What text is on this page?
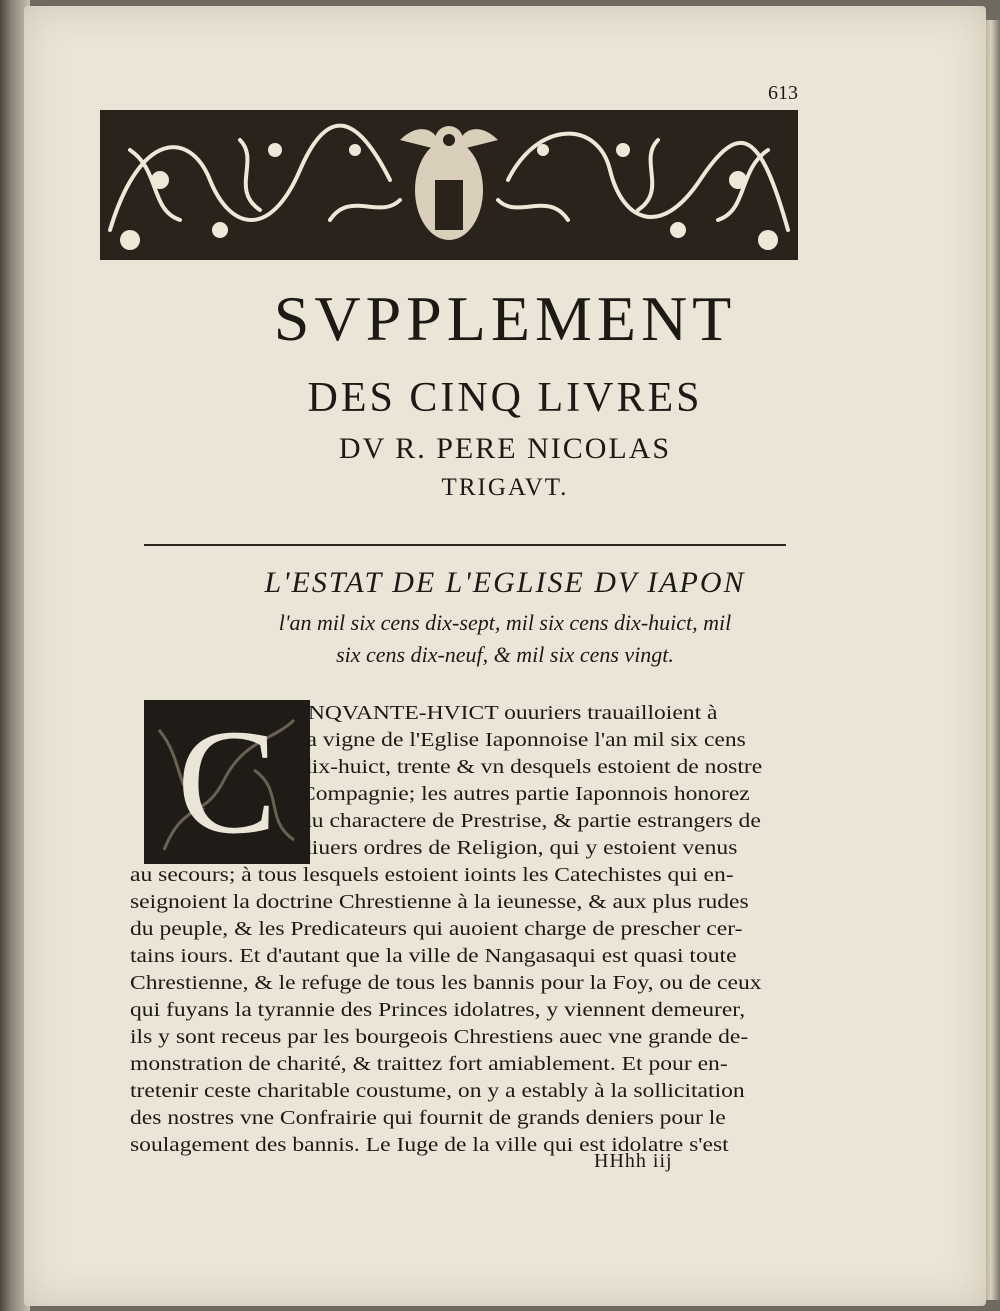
613
SVPPLEMENT
DES CINQ LIVRES
DV R. PERE NICOLAS
TRIGAVT.
L'ESTAT DE L'EGLISE DV IAPON
l'an mil six cens dix-sept, mil six cens dix-huict, mil
six cens dix-neuf, & mil six cens vingt.
C	INQVANTE-HVICT ouuriers trauailloient à
la vigne de l'Eglise Iaponnoise l'an mil six cens
dix-huict, trente & vn desquels estoient de nostre
Compagnie; les autres partie Iaponnois honorez
du charactere de Prestrise, & partie estrangers de
diuers ordres de Religion, qui y estoient venus
au secours; à tous lesquels estoient ioints les Catechistes qui en-
seignoient la doctrine Chrestienne à la ieunesse, & aux plus rudes
du peuple, & les Predicateurs qui auoient charge de prescher cer-
tains iours. Et d'autant que la ville de Nangasaqui est quasi toute
Chrestienne, & le refuge de tous les bannis pour la Foy, ou de ceux
qui fuyans la tyrannie des Princes idolatres, y viennent demeurer,
ils y sont receus par les bourgeois Chrestiens auec vne grande de-
monstration de charité, & traittez fort amiablement. Et pour en-
tretenir ceste charitable coustume, on y a estably à la sollicitation
des nostres vne Confrairie qui fournit de grands deniers pour le
soulagement des bannis. Le Iuge de la ville qui est idolatre s'est
HHhh iij
